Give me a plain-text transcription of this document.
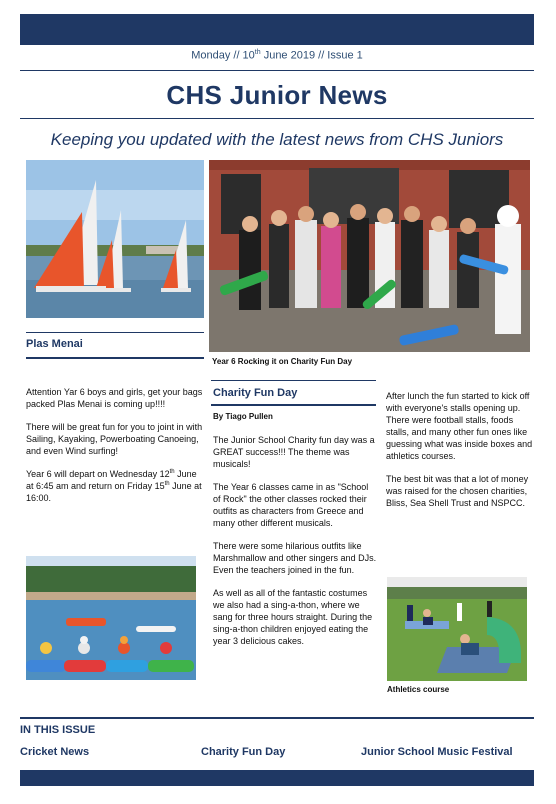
Monday // 10th June 2019 // Issue 1
CHS Junior News
Keeping you updated with the latest news from CHS Juniors
Plas Menai

Attention Yar 6 boys and girls, get your bags packed Plas Menai is coming up!!!!

There will be great fun for you to joint in with Sailing, Kayaking, Powerboating Canoeing, and even Wind surfing!

Year 6 will depart on Wednesday 12th June at 6:45 am and return on Friday 15th June at 16:00.

Year 6 Rocking it on Charity Fun Day
Charity Fun Day
By Tiago Pullen

The Junior School Charity fun day was a GREAT success!!! The theme was musicals!

The Year 6 classes came in as "School of Rock" the other classes rocked their outfits as characters from Greece and many other different musicals.

There were some hilarious outfits like Marshmallow and other singers and DJs. Even the teachers joined in the fun.

As well as all of the fantastic costumes we also had a sing-a-thon, where we sang for three hours straight. During the sing-a-thon children enjoyed eating the year 3 delicious cakes.

After lunch the fun started to kick off with everyone's stalls opening up. There were football stalls, foods stalls, and many other fun ones like guessing what was inside boxes and athletics courses.

The best bit was that a lot of money was raised for the chosen charities, Bliss, Sea Shell Trust and NSPCC.

Athletics course
IN THIS ISSUE
Cricket News	Charity Fun Day	Junior School Music Festival
